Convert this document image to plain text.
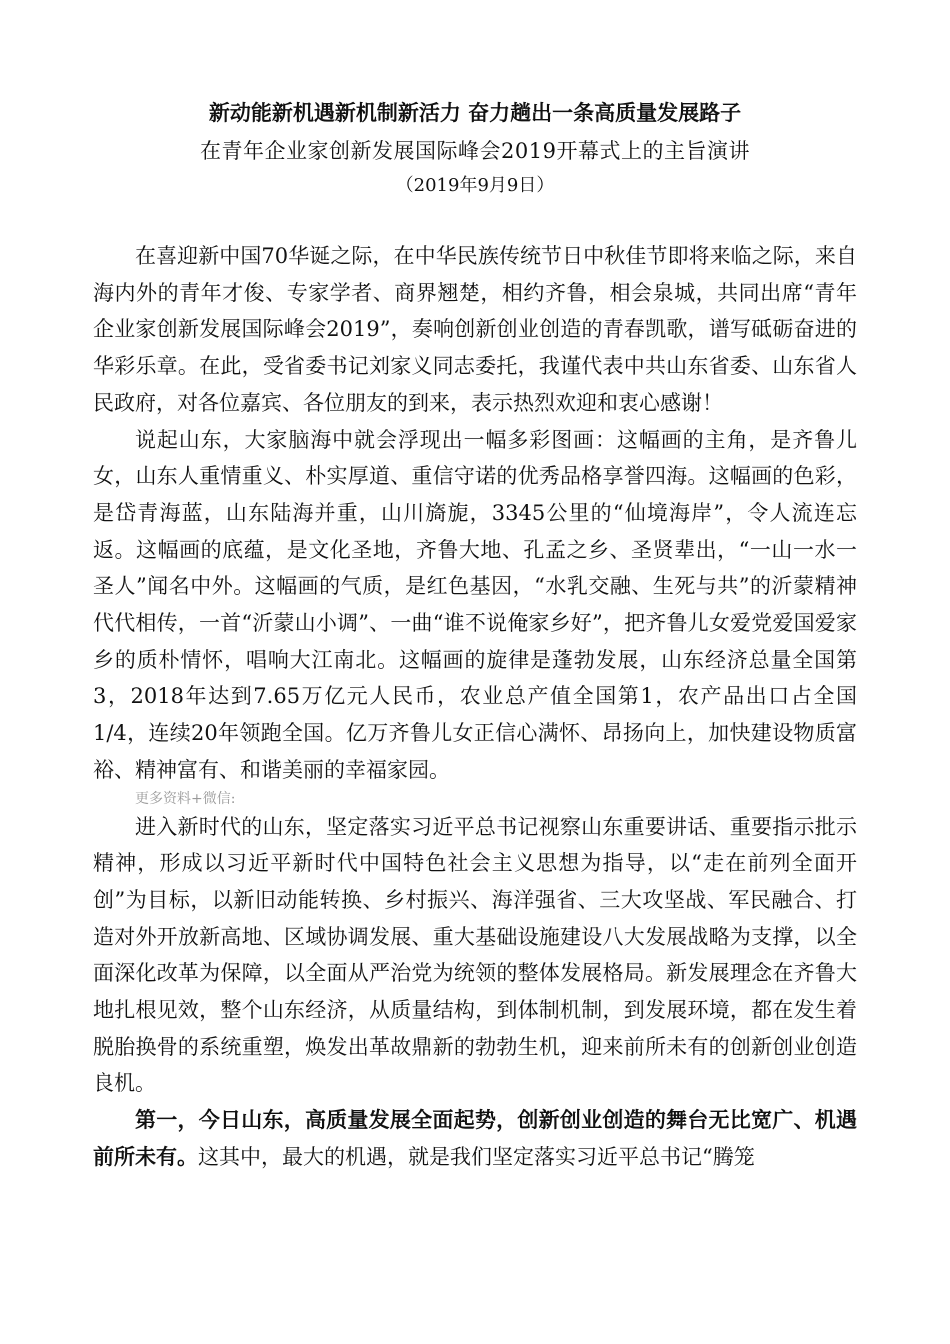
新动能新机遇新机制新活力 奋力趟出一条高质量发展路子
在青年企业家创新发展国际峰会2019开幕式上的主旨演讲
（2019年9月9日）

在喜迎新中国70华诞之际，在中华民族传统节日中秋佳节即将来临之际，来自海内外的青年才俊、专家学者、商界翘楚，相约齐鲁，相会泉城，共同出席“青年企业家创新发展国际峰会2019”，奏响创新创业创造的青春凯歌，谱写砥砺奋进的华彩乐章。在此，受省委书记刘家义同志委托，我谨代表中共山东省委、山东省人民政府，对各位嘉宾、各位朋友的到来，表示热烈欢迎和衷心感谢！

说起山东，大家脑海中就会浮现出一幅多彩图画：这幅画的主角，是齐鲁儿女，山东人重情重义、朴实厚道、重信守诺的优秀品格享誉四海。这幅画的色彩，是岱青海蓝，山东陆海并重，山川旖旎，3345公里的“仙境海岸”，令人流连忘返。这幅画的底蕴，是文化圣地，齐鲁大地、孔孟之乡、圣贤辈出，“一山一水一圣人”闻名中外。这幅画的气质，是红色基因，“水乳交融、生死与共”的沂蒙精神代代相传，一首“沂蒙山小调”、一曲“谁不说俺家乡好”，把齐鲁儿女爱党爱国爱家乡的质朴情怀，唱响大江南北。这幅画的旋律是蓬勃发展，山东经济总量全国第3，2018年达到7.65万亿元人民币，农业总产值全国第1，农产品出口占全国1/4，连续20年领跑全国。亿万齐鲁儿女正信心满怀、昂扬向上，加快建设物质富裕、精神富有、和谐美丽的幸福家园。

更多资料+微信:

进入新时代的山东，坚定落实习近平总书记视察山东重要讲话、重要指示批示精神，形成以习近平新时代中国特色社会主义思想为指导，以“走在前列全面开创”为目标，以新旧动能转换、乡村振兴、海洋强省、三大攻坚战、军民融合、打造对外开放新高地、区域协调发展、重大基础设施建设八大发展战略为支撑，以全面深化改革为保障，以全面从严治党为统领的整体发展格局。新发展理念在齐鲁大地扎根见效，整个山东经济，从质量结构，到体制机制，到发展环境，都在发生着脱胎换骨的系统重塑，焕发出革故鼎新的勃勃生机，迎来前所未有的创新创业创造良机。

第一，今日山东，高质量发展全面起势，创新创业创造的舞台无比宽广、机遇前所未有。这其中，最大的机遇，就是我们坚定落实习近平总书记“腾笼
